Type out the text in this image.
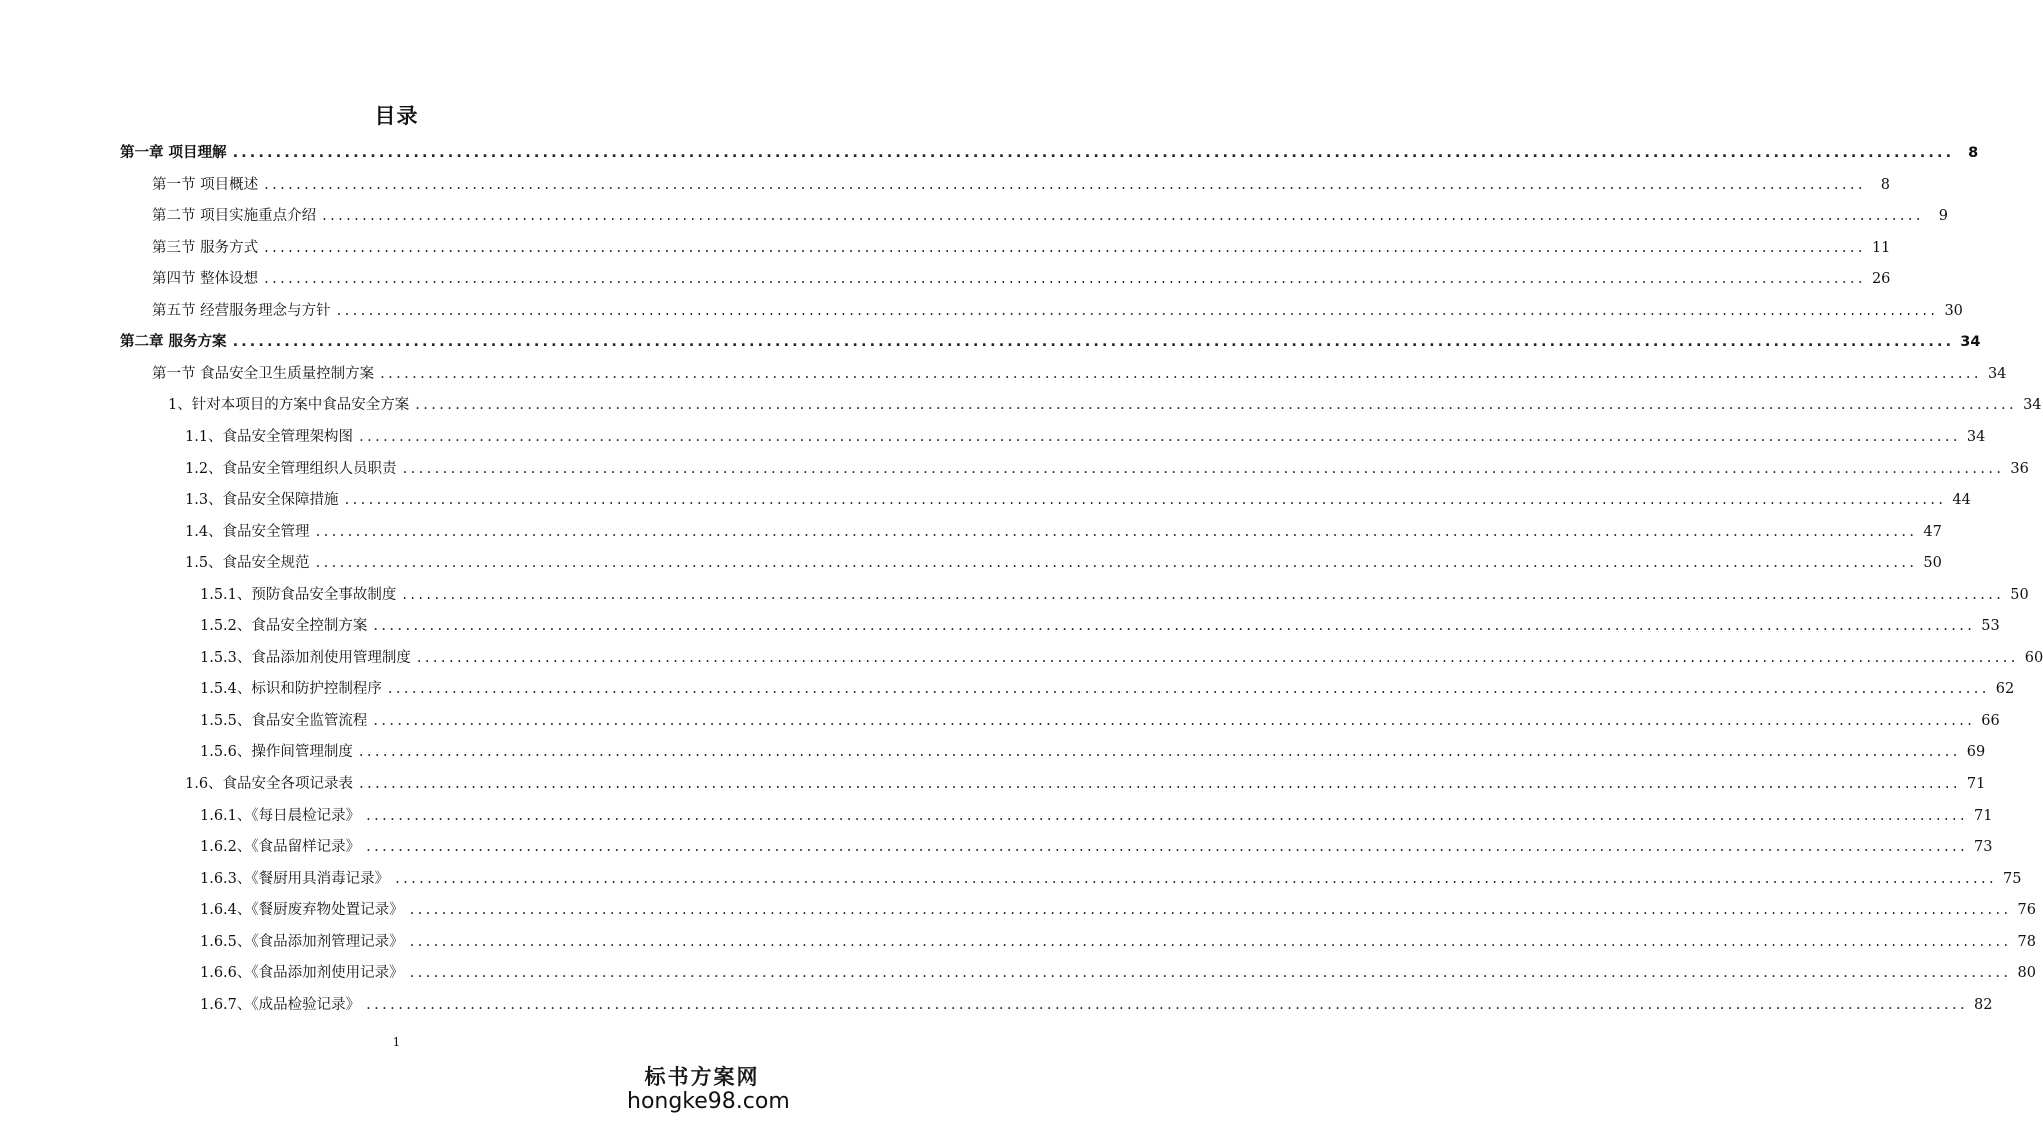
目录
第一章 项目理解 ........................................................................................................................................................................................................ 8
第一节 项目概述 ........................................................................................................................................................................................................	8
第二节 项目实施重点介绍 ........................................................................................................................................................................................................	9
第三节 服务方式 ........................................................................................................................................................................................................ 11
第四节 整体设想 ........................................................................................................................................................................................................ 26
第五节 经营服务理念与方针 ........................................................................................................................................................................................................ 30
第二章 服务方案 ........................................................................................................................................................................................................ 34
第一节 食品安全卫生质量控制方案 ........................................................................................................................................................................................................ 34
1、针对本项目的方案中食品安全方案 ........................................................................................................................................................................................................ 34
1.1、食品安全管理架构图 ........................................................................................................................................................................................................ 34
1.2、食品安全管理组织人员职责 ........................................................................................................................................................................................................ 36
1.3、食品安全保障措施 ........................................................................................................................................................................................................ 44
1.4、食品安全管理 ........................................................................................................................................................................................................ 47
1.5、食品安全规范 ........................................................................................................................................................................................................ 50
1.5.1、预防食品安全事故制度 ........................................................................................................................................................................................................ 50
1.5.2、食品安全控制方案 ........................................................................................................................................................................................................ 53
1.5.3、食品添加剂使用管理制度 ........................................................................................................................................................................................................ 60
1.5.4、标识和防护控制程序 ........................................................................................................................................................................................................ 62
1.5.5、食品安全监管流程 ........................................................................................................................................................................................................ 66
1.5.6、操作间管理制度 ........................................................................................................................................................................................................ 69
1.6、食品安全各项记录表 ........................................................................................................................................................................................................ 71
1.6.1、《每日晨检记录》 ........................................................................................................................................................................................................ 71
1.6.2、《食品留样记录》 ........................................................................................................................................................................................................ 73
1.6.3、《餐厨用具消毒记录》 ........................................................................................................................................................................................................ 75
1.6.4、《餐厨废弃物处置记录》 ........................................................................................................................................................................................................ 76
1.6.5、《食品添加剂管理记录》 ........................................................................................................................................................................................................ 78
1.6.6、《食品添加剂使用记录》 ........................................................................................................................................................................................................ 80
1.6.7、《成品检验记录》 ........................................................................................................................................................................................................ 82
1
标书方案网
hongke98.com
